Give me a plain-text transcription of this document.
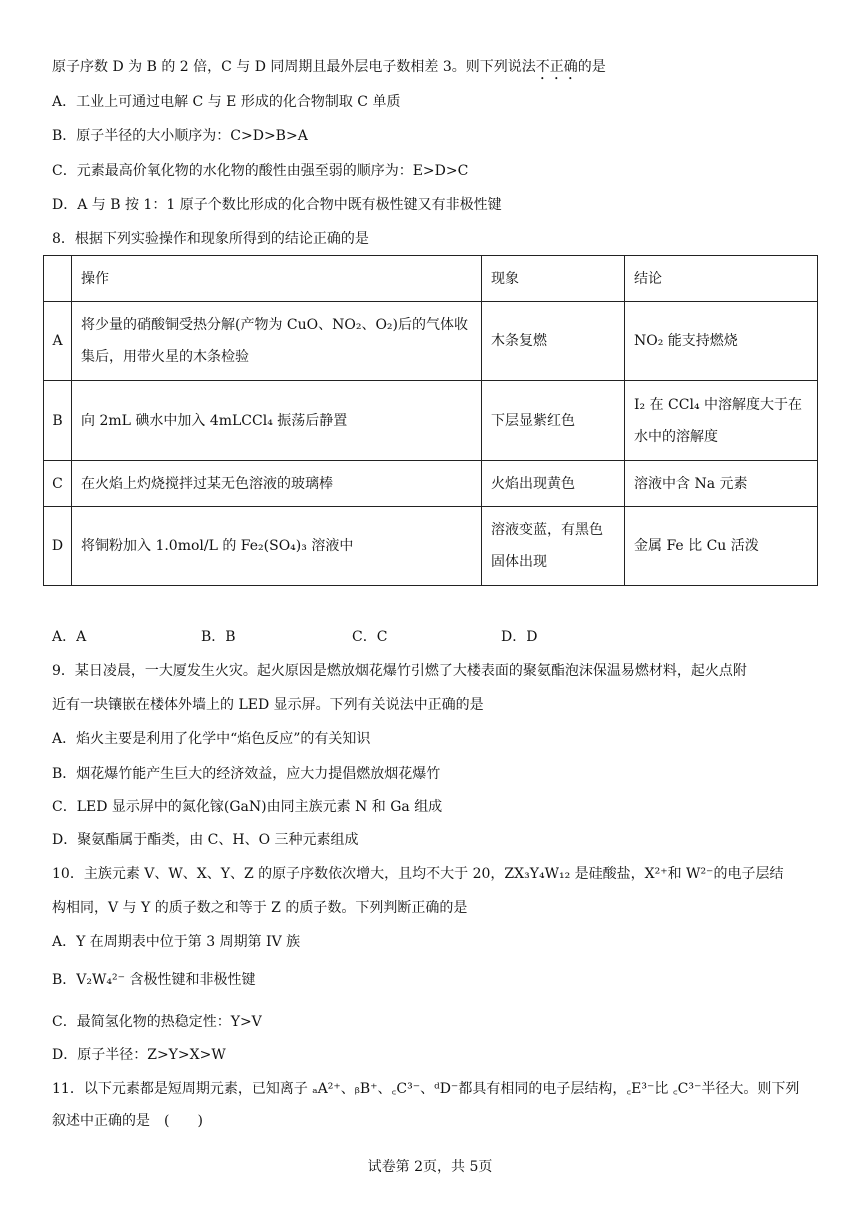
原子序数 D 为 B 的 2 倍，C 与 D 同周期且最外层电子数相差 3。则下列说法不正确的是
A．工业上可通过电解 C 与 E 形成的化合物制取 C 单质
B．原子半径的大小顺序为：C>D>B>A
C．元素最高价氧化物的水化物的酸性由强至弱的顺序为：E>D>C
D．A 与 B 按 1：1 原子个数比形成的化合物中既有极性键又有非极性键
8．根据下列实验操作和现象所得到的结论正确的是
	操作	现象	结论
A	将少量的硝酸铜受热分解(产物为 CuO、NO₂、O₂)后的气体收集后，用带火星的木条检验	木条复燃	NO₂ 能支持燃烧
B	向 2mL 碘水中加入 4mLCCl₄ 振荡后静置	下层显紫红色	I₂ 在 CCl₄ 中溶解度大于在水中的溶解度
C	在火焰上灼烧搅拌过某无色溶液的玻璃棒	火焰出现黄色	溶液中含 Na 元素
D	将铜粉加入 1.0mol/L 的 Fe₂(SO₄)₃ 溶液中	溶液变蓝，有黑色固体出现	金属 Fe 比 Cu 活泼
A．A	B．B	C．C	D．D
9．某日凌晨，一大厦发生火灾。起火原因是燃放烟花爆竹引燃了大楼表面的聚氨酯泡沫保温易燃材料，起火点附
近有一块镶嵌在楼体外墙上的 LED 显示屏。下列有关说法中正确的是
A．焰火主要是利用了化学中“焰色反应”的有关知识
B．烟花爆竹能产生巨大的经济效益，应大力提倡燃放烟花爆竹
C．LED 显示屏中的氮化镓(GaN)由同主族元素 N 和 Ga 组成
D．聚氨酯属于酯类，由 C、H、O 三种元素组成
10．主族元素 V、W、X、Y、Z 的原子序数依次增大，且均不大于 20，ZX₃Y₄W₁₂ 是硅酸盐，X²⁺和 W²⁻的电子层结
构相同，V 与 Y 的质子数之和等于 Z 的质子数。下列判断正确的是
A．Y 在周期表中位于第 3 周期第 IV 族
B．V₂W₄²⁻ 含极性键和非极性键
C．最简氢化物的热稳定性：Y>V
D．原子半径：Z>Y>X>W
11．以下元素都是短周期元素，已知离子 ₐA²⁺、ᵦB⁺、꜀C³⁻、ᵈD⁻都具有相同的电子层结构，꜀E³⁻比 ꜀C³⁻半径大。则下列
叙述中正确的是　(　　)
试卷第 2页，共 5页
